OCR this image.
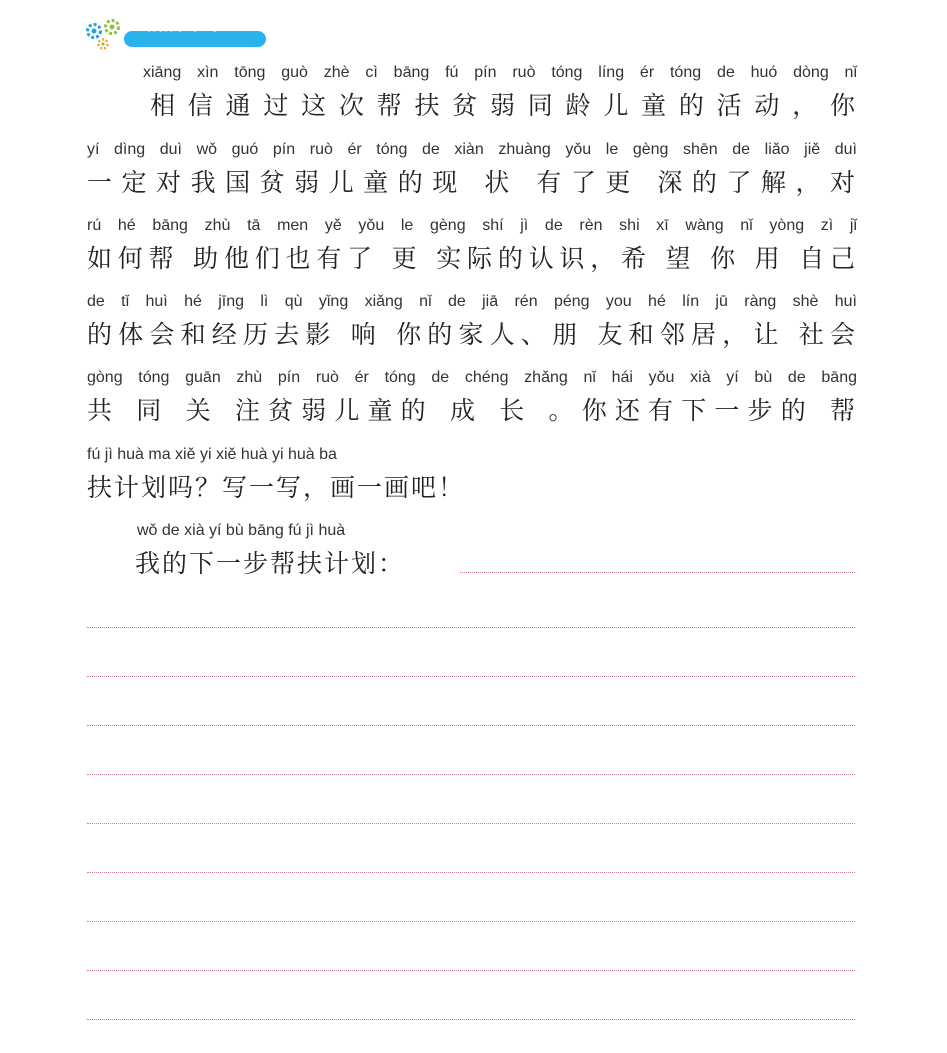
拓展练习
xiāng xìn tōng guò zhè cì bāng fú pín ruò tóng líng ér tóng de huó dòng nǐ
相信通过这次帮扶贫弱同龄儿童的活动，你
yí dìng duì wǒ guó pín ruò ér tóng de xiàn zhuàng yǒu le gèng shēn de liǎo jiě duì
一定对我国贫弱儿童的现 状 有了更 深的了解，对
rú hé bāng zhù tā men yě yǒu le gèng shí jì de rèn shi xī wàng nǐ yòng zì jǐ
如何帮 助他们也有了 更 实际的认识，希 望 你 用 自己
de tǐ huì hé jīng lì qù yǐng xiǎng nǐ de jiā rén péng you hé lín jū ràng shè huì
的体会和经历去影 响 你的家人、朋 友和邻居，让 社会
gòng tóng guān zhù pín ruò ér tóng de chéng zhǎng nǐ hái yǒu xià yí bù de bāng
共 同 关 注贫弱儿童的 成 长 。你还有下一步的 帮
fú jì huà ma xiě yi xiě huà yi huà ba
扶计划吗？写一写，画一画吧！
wǒ de xià yí bù bāng fú jì huà
我的下一步帮扶计划：
